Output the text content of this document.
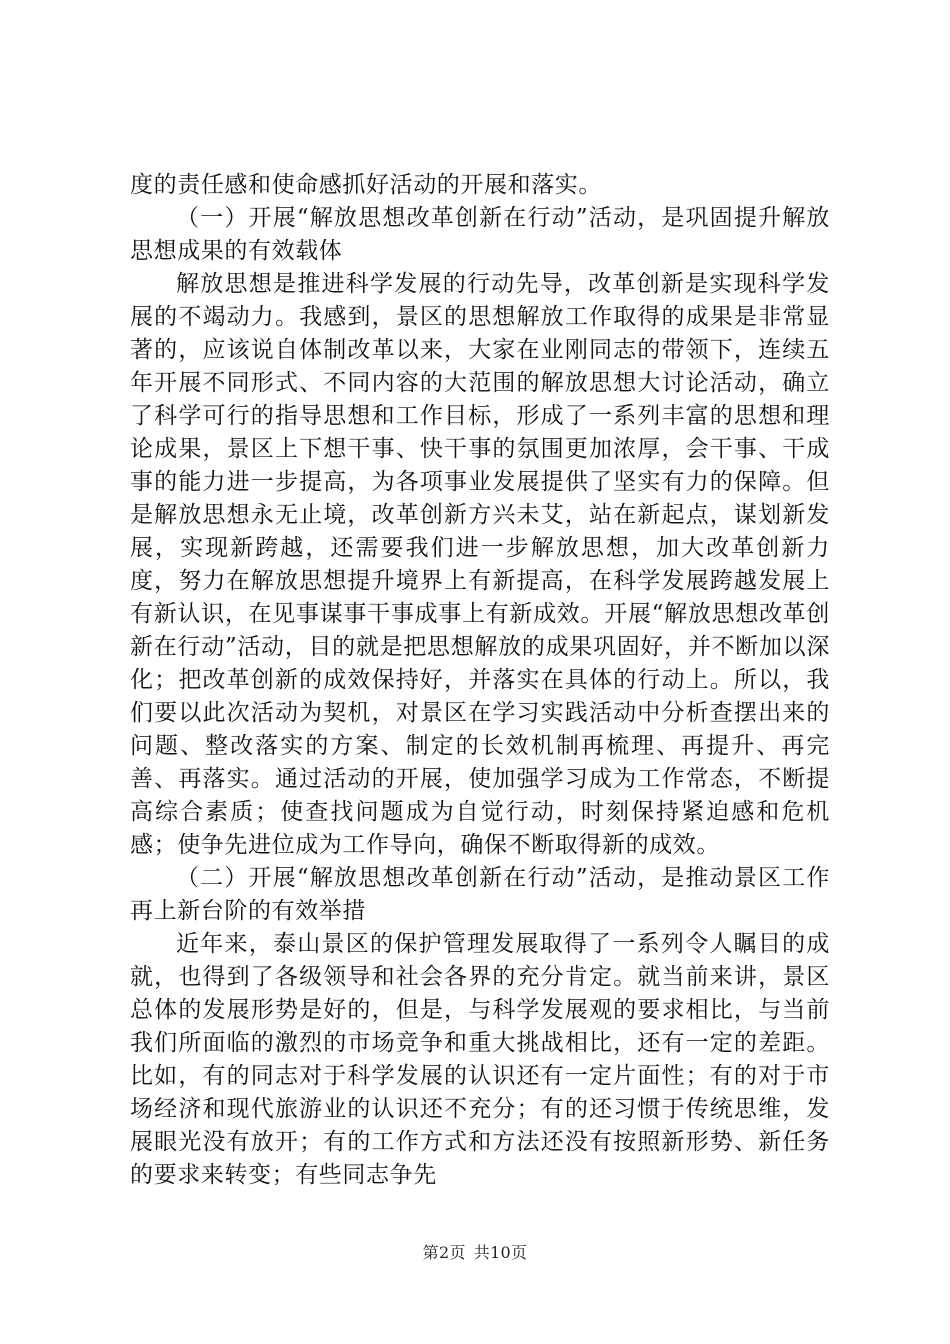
度的责任感和使命感抓好活动的开展和落实。

（一）开展“解放思想改革创新在行动”活动，是巩固提升解放思想成果的有效载体

解放思想是推进科学发展的行动先导，改革创新是实现科学发展的不竭动力。我感到，景区的思想解放工作取得的成果是非常显著的，应该说自体制改革以来，大家在业刚同志的带领下，连续五年开展不同形式、不同内容的大范围的解放思想大讨论活动，确立了科学可行的指导思想和工作目标，形成了一系列丰富的思想和理论成果，景区上下想干事、快干事的氛围更加浓厚，会干事、干成事的能力进一步提高，为各项事业发展提供了坚实有力的保障。但是解放思想永无止境，改革创新方兴未艾，站在新起点，谋划新发展，实现新跨越，还需要我们进一步解放思想，加大改革创新力度，努力在解放思想提升境界上有新提高，在科学发展跨越发展上有新认识，在见事谋事干事成事上有新成效。开展“解放思想改革创新在行动”活动，目的就是把思想解放的成果巩固好，并不断加以深化；把改革创新的成效保持好，并落实在具体的行动上。所以，我们要以此次活动为契机，对景区在学习实践活动中分析查摆出来的问题、整改落实的方案、制定的长效机制再梳理、再提升、再完善、再落实。通过活动的开展，使加强学习成为工作常态，不断提高综合素质；使查找问题成为自觉行动，时刻保持紧迫感和危机感；使争先进位成为工作导向，确保不断取得新的成效。

（二）开展“解放思想改革创新在行动”活动，是推动景区工作再上新台阶的有效举措

近年来，泰山景区的保护管理发展取得了一系列令人瞩目的成就，也得到了各级领导和社会各界的充分肯定。就当前来讲，景区总体的发展形势是好的，但是，与科学发展观的要求相比，与当前我们所面临的激烈的市场竞争和重大挑战相比，还有一定的差距。比如，有的同志对于科学发展的认识还有一定片面性；有的对于市场经济和现代旅游业的认识还不充分；有的还习惯于传统思维，发展眼光没有放开；有的工作方式和方法还没有按照新形势、新任务的要求来转变；有些同志争先

第2页 共10页
